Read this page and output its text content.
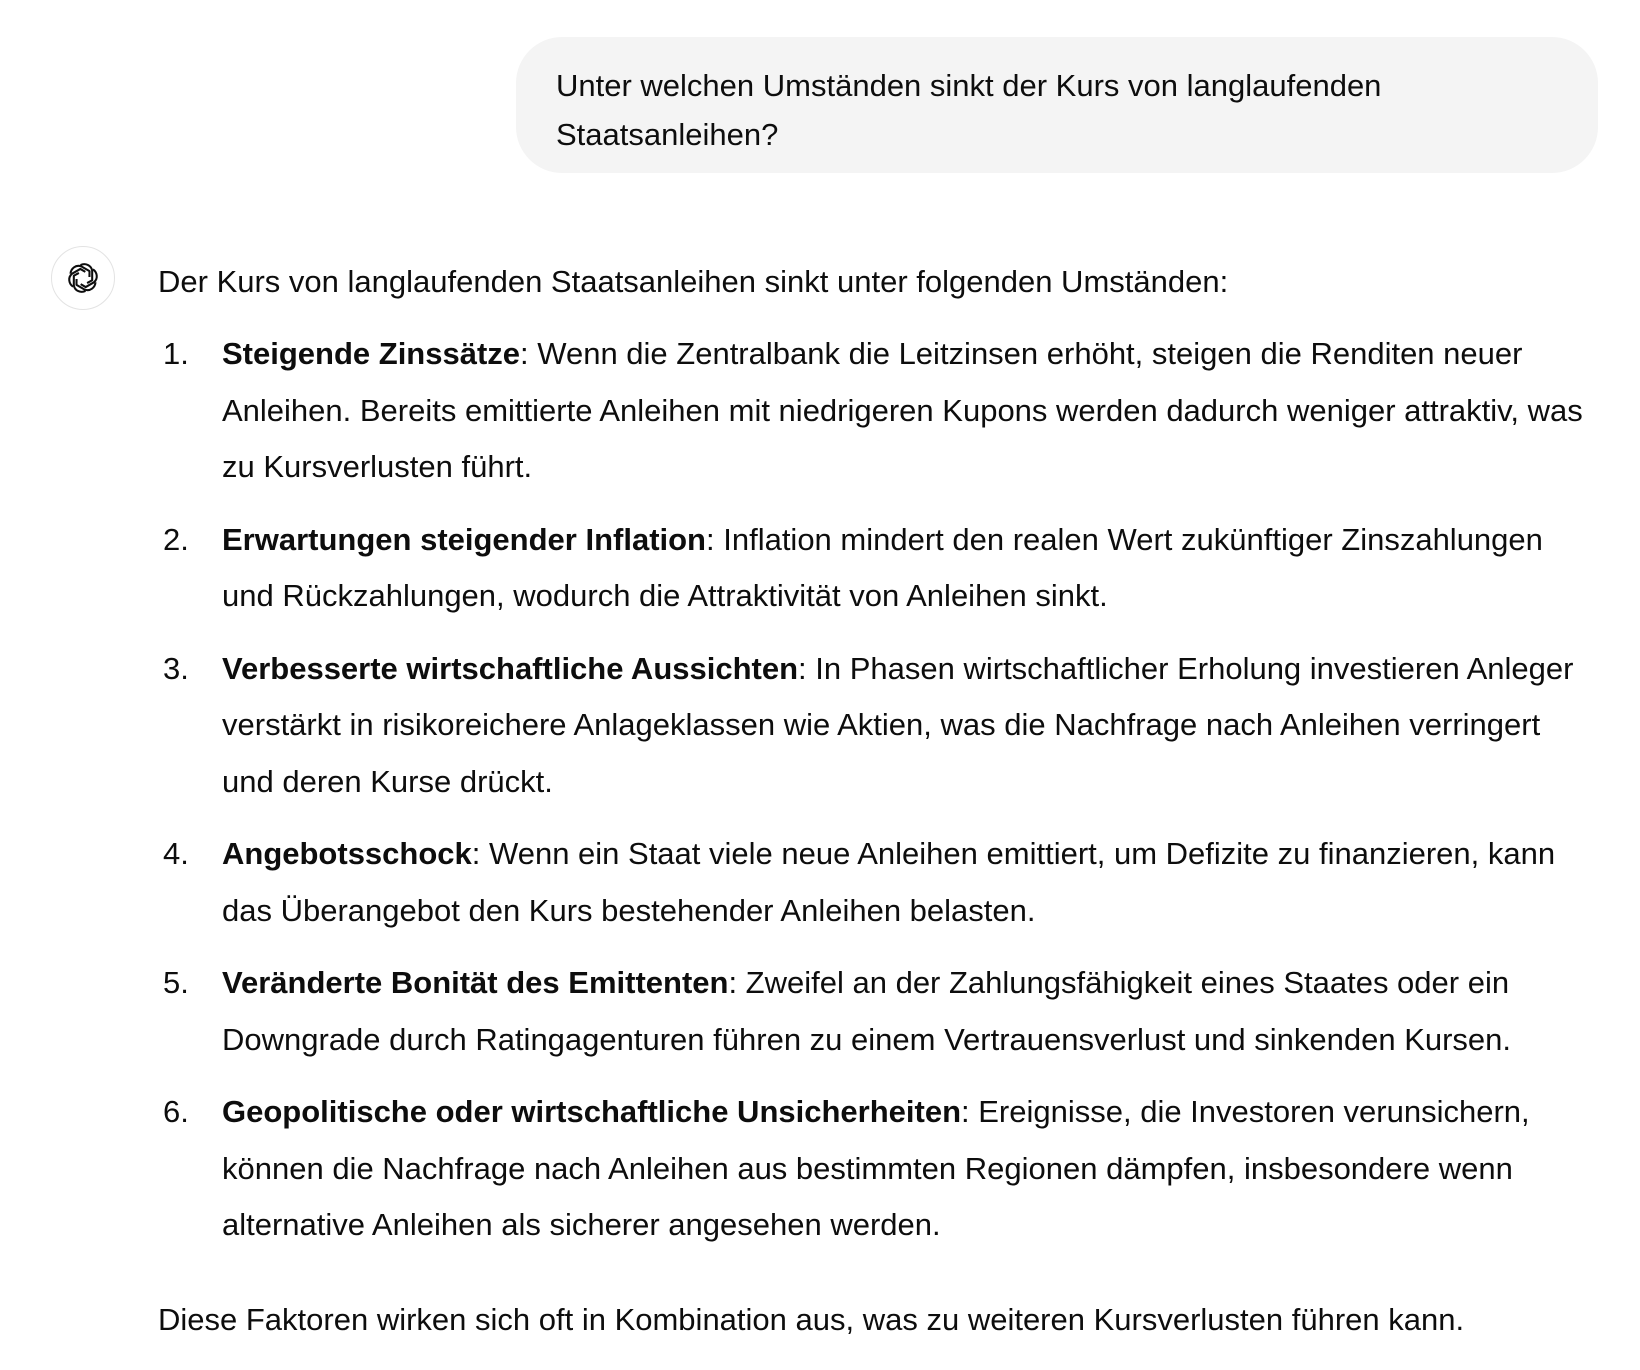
Unter welchen Umständen sinkt der Kurs von langlaufenden
Staatsanleihen?

Der Kurs von langlaufenden Staatsanleihen sinkt unter folgenden Umständen:

1.	Steigende Zinssätze: Wenn die Zentralbank die Leitzinsen erhöht, steigen die Renditen neuer Anleihen. Bereits emittierte Anleihen mit niedrigeren Kupons werden dadurch weniger attraktiv, was zu Kursverlusten führt.
2.	Erwartungen steigender Inflation: Inflation mindert den realen Wert zukünftiger Zinszahlungen und Rückzahlungen, wodurch die Attraktivität von Anleihen sinkt.
3.	Verbesserte wirtschaftliche Aussichten: In Phasen wirtschaftlicher Erholung investieren Anleger verstärkt in risikoreichere Anlageklassen wie Aktien, was die Nachfrage nach Anleihen verringert und deren Kurse drückt.
4.	Angebotsschock: Wenn ein Staat viele neue Anleihen emittiert, um Defizite zu finanzieren, kann das Überangebot den Kurs bestehender Anleihen belasten.
5.	Veränderte Bonität des Emittenten: Zweifel an der Zahlungsfähigkeit eines Staates oder ein Downgrade durch Ratingagenturen führen zu einem Vertrauensverlust und sinkenden Kursen.
6.	Geopolitische oder wirtschaftliche Unsicherheiten: Ereignisse, die Investoren verunsichern, können die Nachfrage nach Anleihen aus bestimmten Regionen dämpfen, insbesondere wenn alternative Anleihen als sicherer angesehen werden.

Diese Faktoren wirken sich oft in Kombination aus, was zu weiteren Kursverlusten führen kann.
